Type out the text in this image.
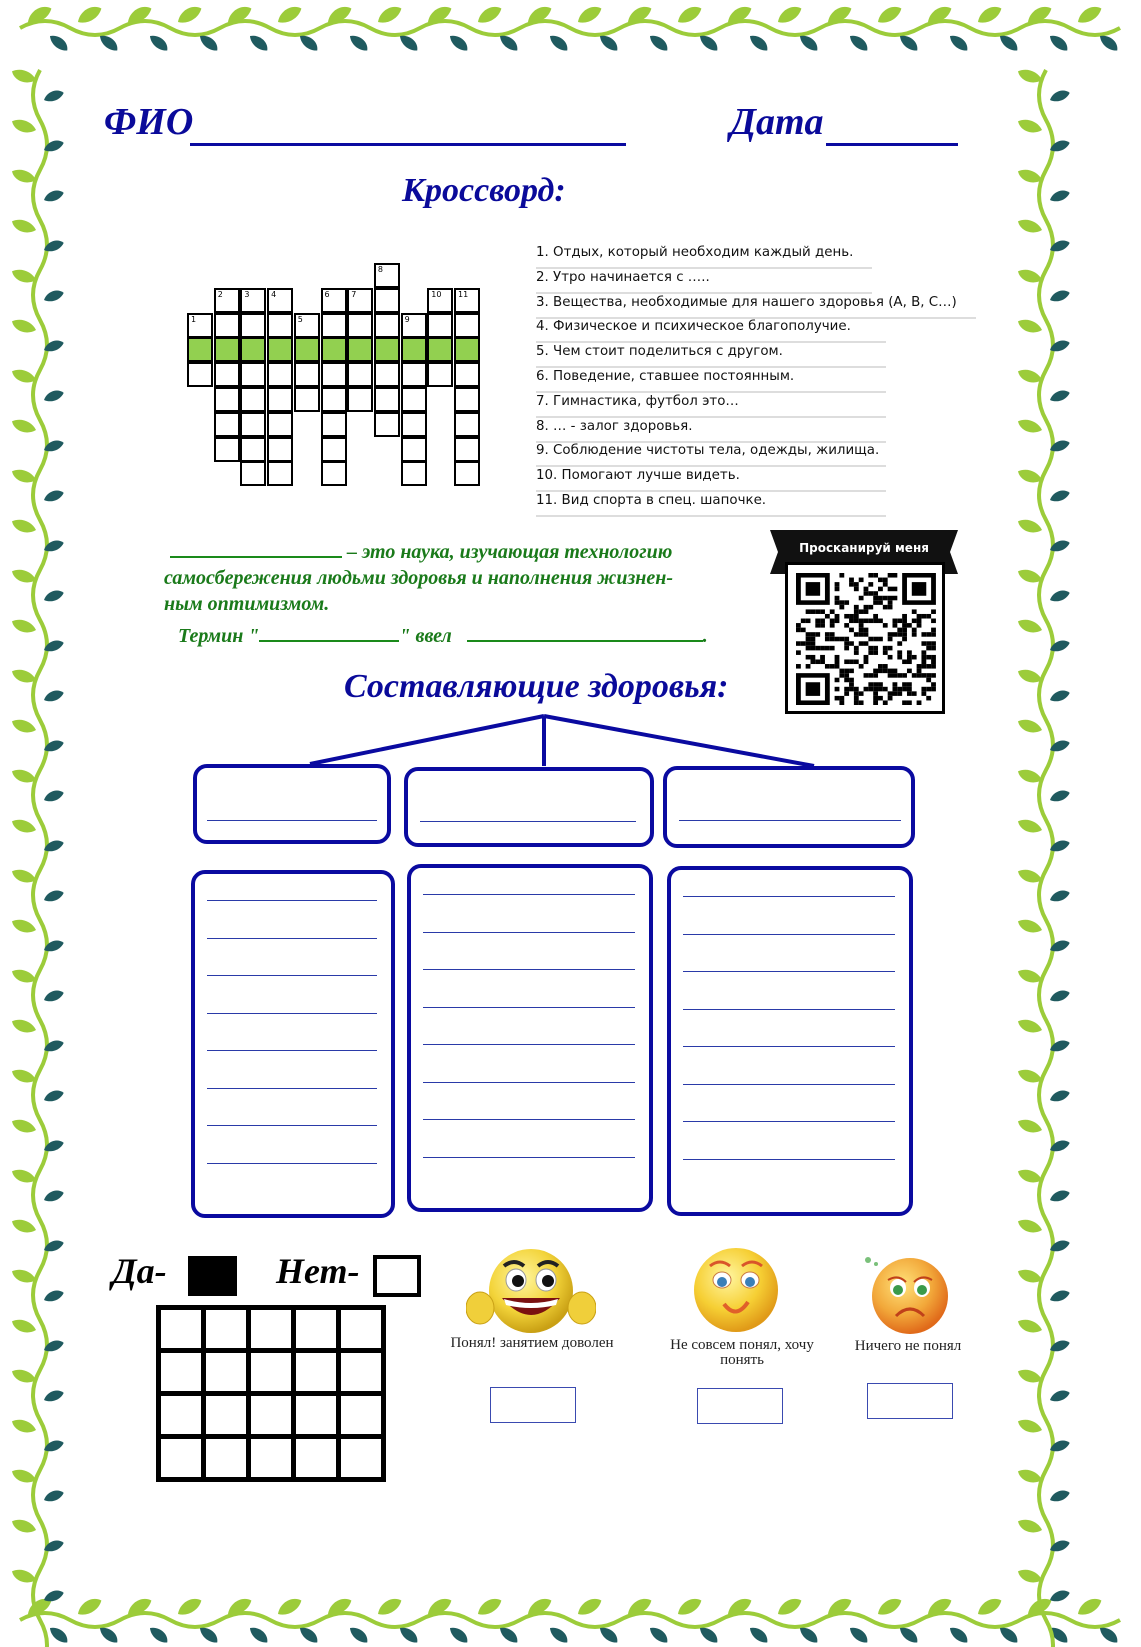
ФИО	Дата
Кроссворд:
1
2	3	4
5
6	7
8
9
10 11
1. Отдых, который необходим каждый день.
2. Утро начинается с …..
3. Вещества, необходимые для нашего здоровья (А, В, С…)
4. Физическое и психическое благополучие.
5. Чем стоит поделиться с другом.
6. Поведение, ставшее постоянным.
7. Гимнастика, футбол это…
8. … - залог здоровья.
9. Соблюдение чистоты тела, одежды, жилища.
10. Помогают лучше видеть.
11. Вид спорта в спец. шапочке.
– это наука, изучающая технологию
самосбережения людьми здоровья и наполнения жизнен-
ным оптимизмом.
Термин "	" ввел	.
Просканируй меня
Составляющие здоровья:
Да-	Нет-

Понял! занятием доволен	Не совсем понял, хочу понять
Ничего не понял
